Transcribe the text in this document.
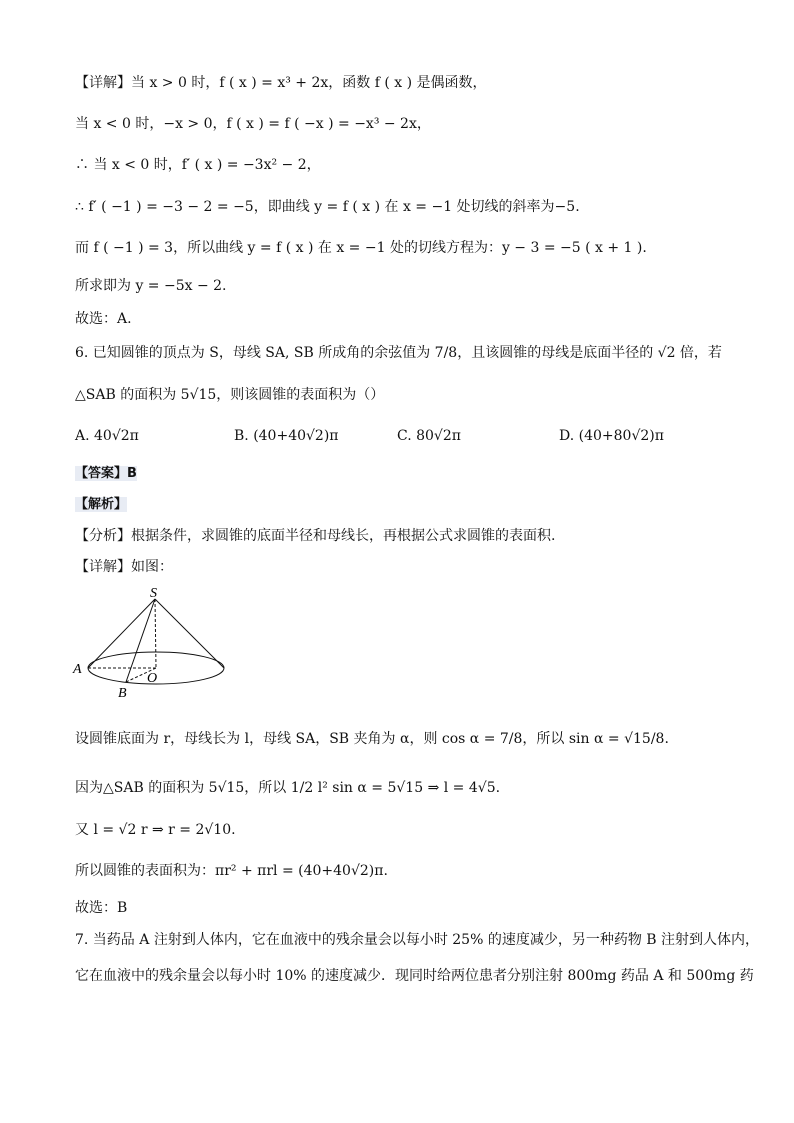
【详解】当 x > 0 时，f ( x ) = x³ + 2x，函数 f ( x ) 是偶函数，
当 x < 0 时，−x > 0，f ( x ) = f ( −x ) = −x³ − 2x，
∴ 当 x < 0 时，f′ ( x ) = −3x² − 2，
∴ f′ ( −1 ) = −3 − 2 = −5，即曲线 y = f ( x ) 在 x = −1 处切线的斜率为−5.
而 f ( −1 ) = 3，所以曲线 y = f ( x ) 在 x = −1 处的切线方程为：y − 3 = −5 ( x + 1 ).
所求即为 y = −5x − 2.
故选：A.
6. 已知圆锥的顶点为 S，母线 SA, SB 所成角的余弦值为 7/8，且该圆锥的母线是底面半径的 √2 倍，若
△SAB 的面积为 5√15，则该圆锥的表面积为（）
A. 40√2π	B. (40+40√2)π	C. 80√2π	D. (40+80√2)π
【答案】B
【解析】
【分析】根据条件，求圆锥的底面半径和母线长，再根据公式求圆锥的表面积.
【详解】如图：
S
A
B
O
设圆锥底面为 r，母线长为 l，母线 SA，SB 夹角为 α，则 cos α = 7/8，所以 sin α = √15/8.
因为△SAB 的面积为 5√15，所以 1/2 l² sin α = 5√15 ⇒ l = 4√5.
又 l = √2 r ⇒ r = 2√10.
所以圆锥的表面积为：πr² + πrl = (40+40√2)π.
故选：B
7. 当药品 A 注射到人体内，它在血液中的残余量会以每小时 25% 的速度减少，另一种药物 B 注射到人体内，
它在血液中的残余量会以每小时 10% 的速度减少．现同时给两位患者分别注射 800mg 药品 A 和 500mg 药
